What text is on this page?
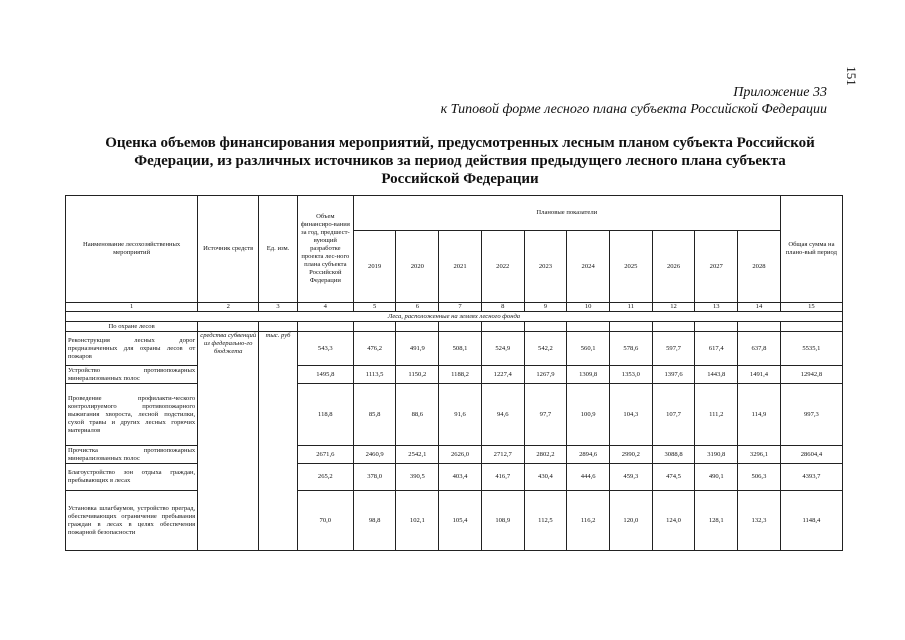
151
Приложение 33
к Типовой форме лесного плана субъекта Российской Федерации
Оценка объемов финансирования мероприятий, предусмотренных лесным планом субъекта Российской
Федерации, из различных источников за период действия предыдущего лесного плана субъекта
Российской Федерации
Наименование лесохозяйственных мероприятий	Источник средств	Ед. изм.	Объем финансиро-вания за год, предшест-вующий разработке проекта лес-ного плана субъекта Российской Федерации	Плановые показатели										Общая сумма на плано-вый период
				2019	2020	2021	2022	2023	2024	2025	2026	2027	2028	
1	2	3	4	5	6	7	8	9	10	11	12	13	14	15
Леса, расположенные на землях лесного фонда														
По охране лесов														
Реконструкция лесных дорог предназначенных для охраны лесов от пожаров	средства субвенций из федерально-го бюджета	тыс. руб	543,3	476,2	491,9	508,1	524,9	542,2	560,1	578,6	597,7	617,4	637,8	5535,1
Устройство противопожарных минерализованных полос			1495,8	1113,5	1150,2	1188,2	1227,4	1267,9	1309,8	1353,0	1397,6	1443,8	1491,4	12942,8
Проведение профилакти-ческого контролируемого противопожарного выжигания хвороста, лесной подстилки, сухой травы и других лесных горючих материалов			118,8	85,8	88,6	91,6	94,6	97,7	100,9	104,3	107,7	111,2	114,9	997,3
Прочистка противопожарных минерализованных полос			2671,6	2460,9	2542,1	2626,0	2712,7	2802,2	2894,6	2990,2	3088,8	3190,8	3296,1	28604,4
Благоустройство зон отдыха граждан, пребывающих в лесах			265,2	378,0	390,5	403,4	416,7	430,4	444,6	459,3	474,5	490,1	506,3	4393,7
Установка шлагбаумов, устройство преград, обеспечивающих ограничение пребывания граждан в лесах в целях обеспечения пожарной безопасности			70,0	98,8	102,1	105,4	108,9	112,5	116,2	120,0	124,0	128,1	132,3	1148,4
